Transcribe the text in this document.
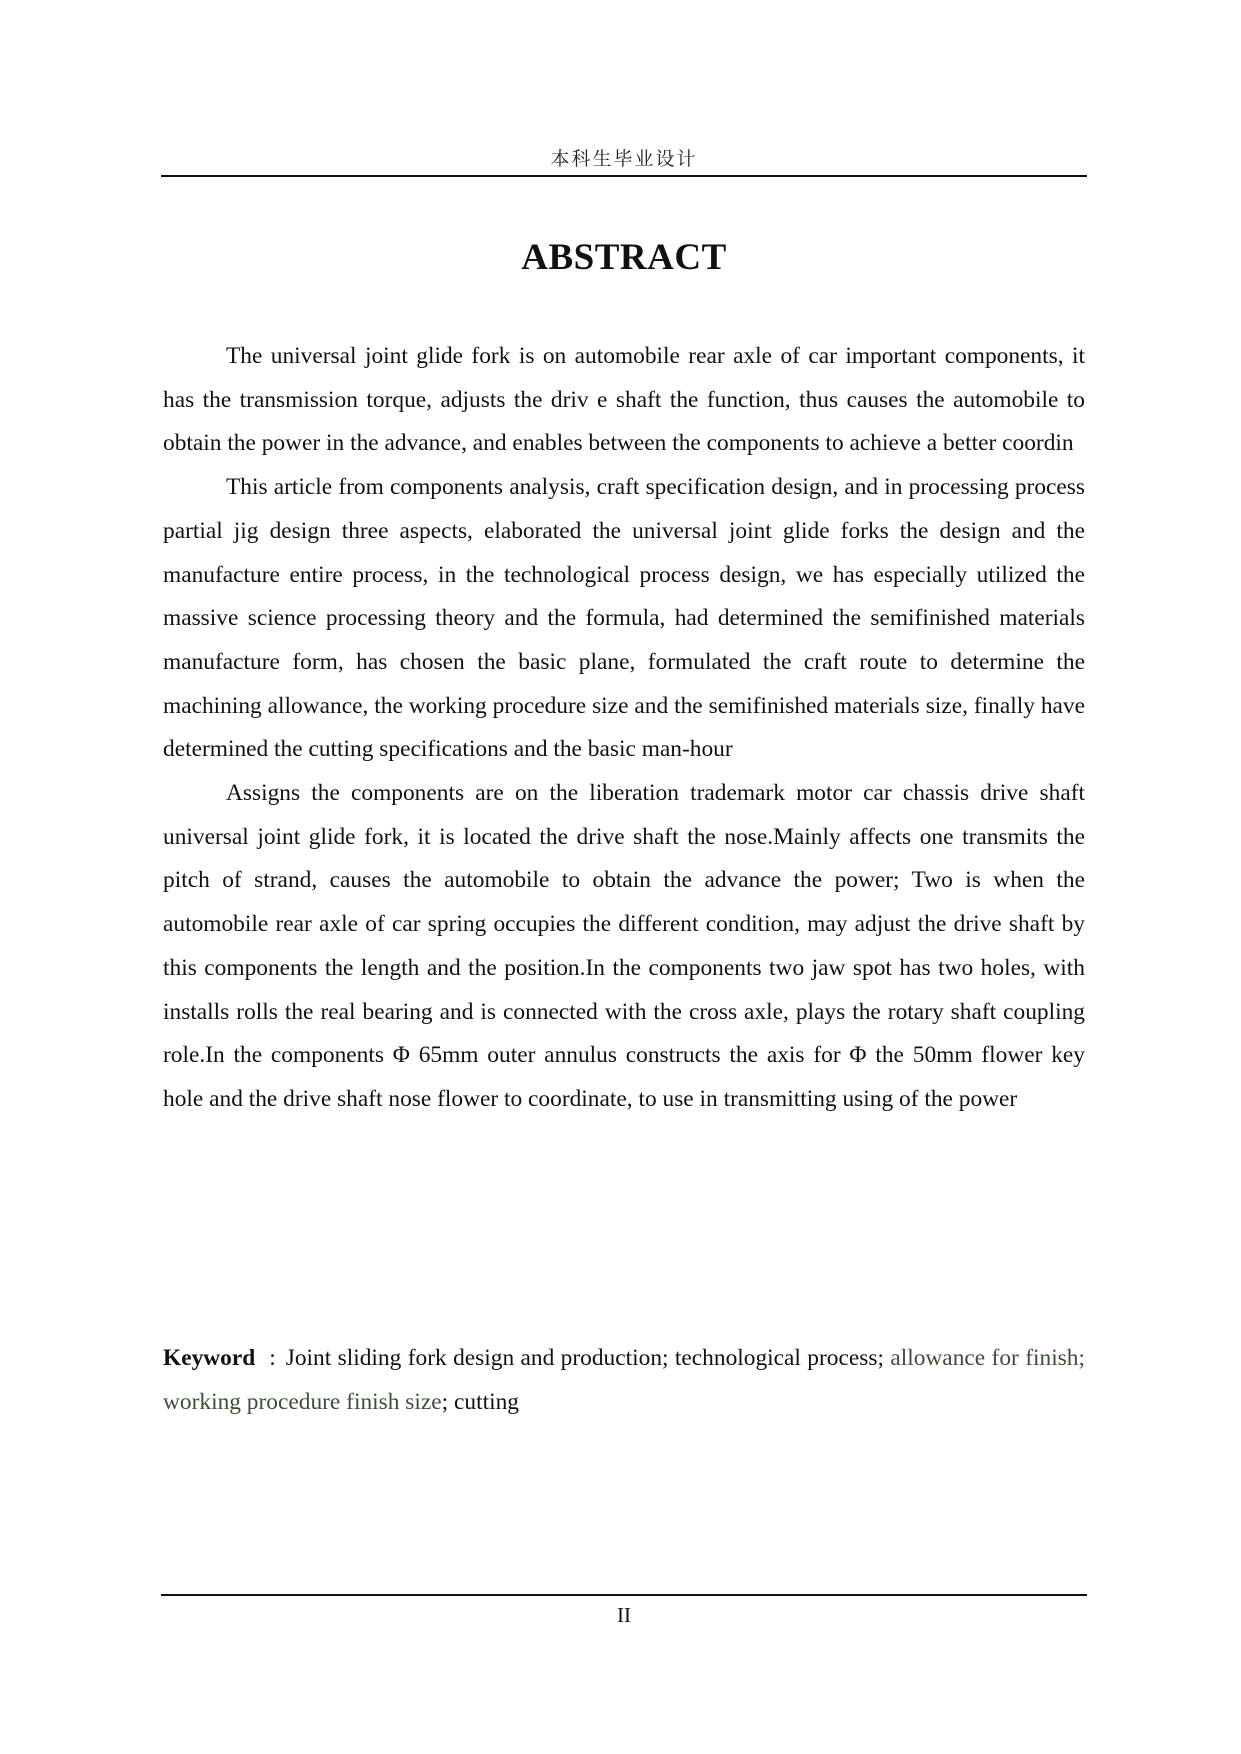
本科生毕业设计
ABSTRACT

The universal joint glide fork is on automobile rear axle of car important components, it has the transmission torque, adjusts the driv e shaft the function, thus causes the automobile to obtain the power in the advance, and enables between the components to achieve a better coordin

This article from components analysis, craft specification design, and in processing process partial jig design three aspects, elaborated the universal joint glide forks the design and the manufacture entire process, in the technological process design, we has especially utilized the massive science processing theory and the formula, had determined the semifinished materials manufacture form, has chosen the basic plane, formulated the craft route to determine the machining allowance, the working procedure size and the semifinished materials size, finally have determined the cutting specifications and the basic man-hour

Assigns the components are on the liberation trademark motor car chassis drive shaft universal joint glide fork, it is located the drive shaft the nose.Mainly affects one transmits the pitch of strand, causes the automobile to obtain the advance the power; Two is when the automobile rear axle of car spring occupies the different condition, may adjust the drive shaft by this components the length and the position.In the components two jaw spot has two holes, with installs rolls the real bearing and is connected with the cross axle, plays the rotary shaft coupling role.In the components Φ 65mm outer annulus constructs the axis for Φ the 50mm flower key hole and the drive shaft nose flower to coordinate, to use in transmitting using of the power

Keyword : Joint sliding fork design and production; technological process; allowance for finish; working procedure finish size; cutting
II
